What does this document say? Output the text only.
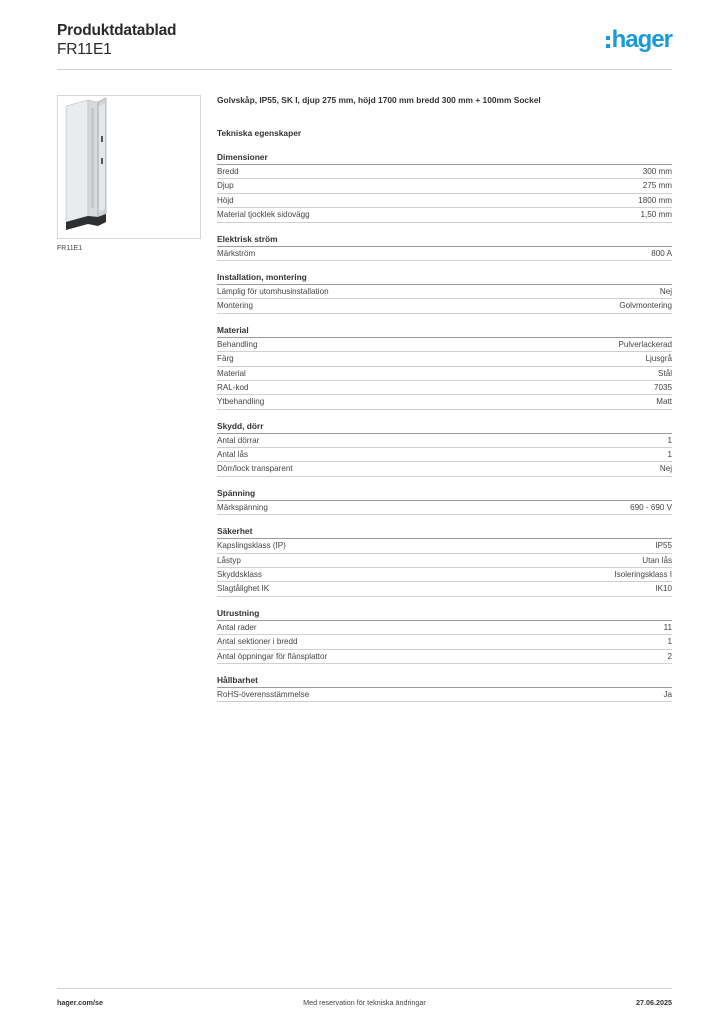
Produktdatablad
FR11E1	hager
FR11E1
Golvskåp, IP55, SK I, djup 275 mm, höjd 1700 mm bredd 300 mm + 100mm Sockel
Tekniska egenskaper
Dimensioner
Bredd	300 mm
Djup	275 mm
Höjd	1800 mm
Material tjocklek sidovägg	1,50 mm
Elektrisk ström
Märkström	800 A
Installation, montering
Lämplig för utomhusinstallation	Nej
Montering	Golvmontering
Material
Behandling	Pulverlackerad
Färg	Ljusgrå
Material	Stål
RAL-kod	7035
Ytbehandling	Matt
Skydd, dörr
Antal dörrar	1
Antal lås	1
Dörr/lock transparent	Nej
Spänning
Märkspänning	690 - 690 V
Säkerhet
Kapslingsklass (IP)	IP55
Låstyp	Utan lås
Skyddsklass	Isoleringsklass I
Slagtålighet IK	IK10
Utrustning
Antal rader	11
Antal sektioner i bredd	1
Antal öppningar för flänsplattor	2
Hållbarhet
RoHS-överensstämmelse	Ja
Med reservation för tekniska ändringar
hager.com/se	27.06.2025
